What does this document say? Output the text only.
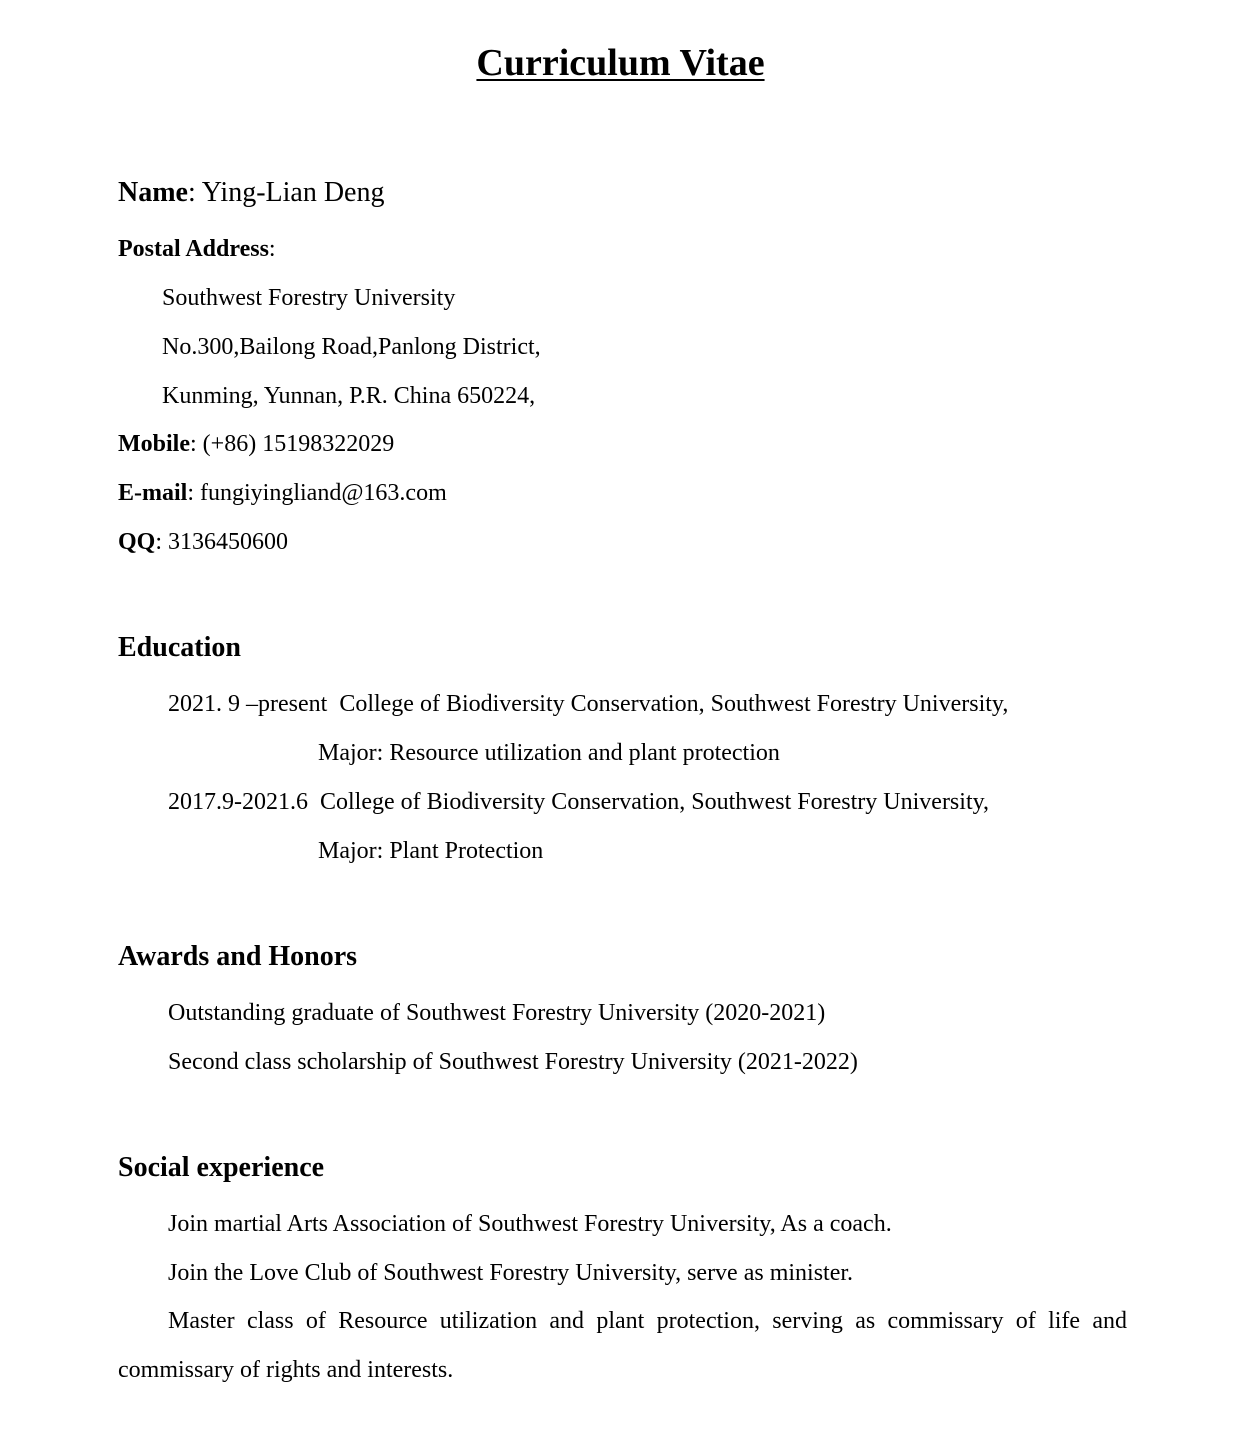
Curriculum Vitae
Name: Ying-Lian Deng
Postal Address:
Southwest Forestry University
No.300,Bailong Road,Panlong District,
Kunming, Yunnan, P.R. China 650224,
Mobile: (+86) 15198322029
E-mail: fungiyingliand@163.com
QQ: 3136450600
Education
2021. 9 –present College of Biodiversity Conservation, Southwest Forestry University,
Major: Resource utilization and plant protection
2017.9-2021.6 College of Biodiversity Conservation, Southwest Forestry University,
Major: Plant Protection
Awards and Honors
Outstanding graduate of Southwest Forestry University (2020-2021)
Second class scholarship of Southwest Forestry University (2021-2022)
Social experience
Join martial Arts Association of Southwest Forestry University, As a coach.
Join the Love Club of Southwest Forestry University, serve as minister.
Master class of Resource utilization and plant protection, serving as commissary of life and commissary of rights and interests.
